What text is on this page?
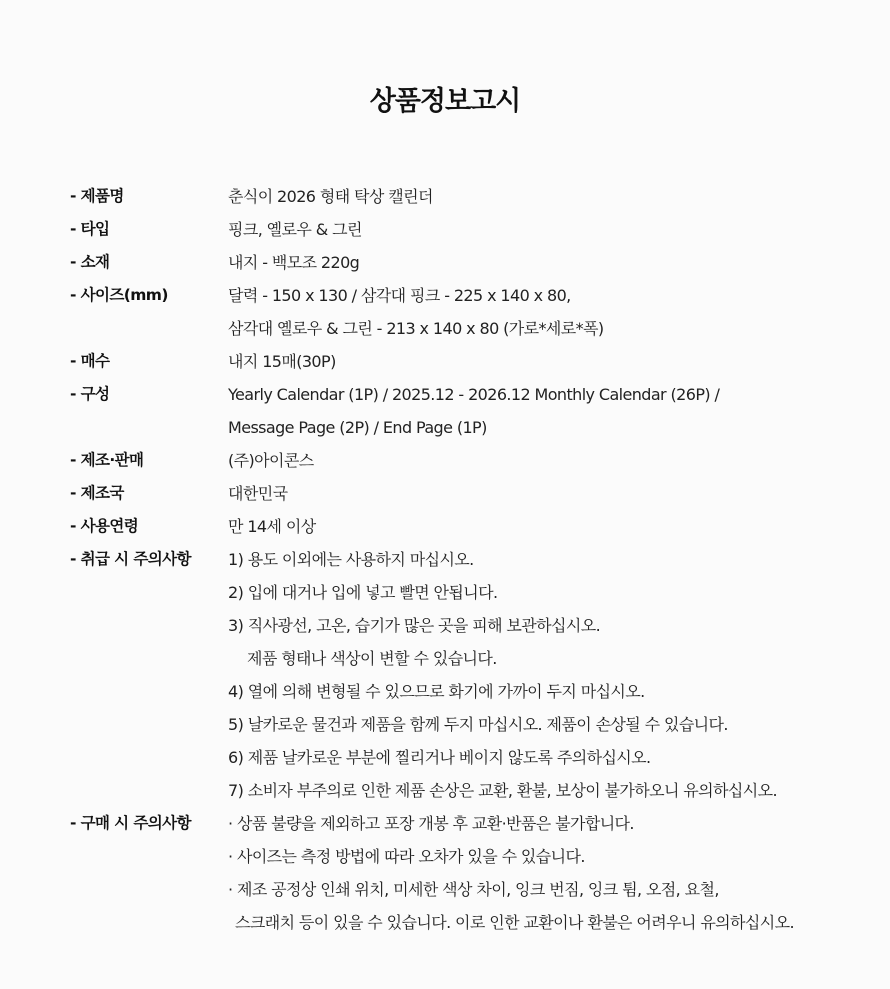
상품정보고시
- 제품명	춘식이 2026 형태 탁상 캘린더
- 타입	핑크, 옐로우 & 그린
- 소재	내지 - 백모조 220g
- 사이즈(mm)	달력 - 150 x 130 / 삼각대 핑크 - 225 x 140 x 80,
삼각대 옐로우 & 그린 - 213 x 140 x 80 (가로*세로*폭)
- 매수	내지 15매(30P)
- 구성	Yearly Calendar (1P) / 2025.12 - 2026.12 Monthly Calendar (26P) /
Message Page (2P) / End Page (1P)
- 제조·판매	(주)아이콘스
- 제조국	대한민국
- 사용연령	만 14세 이상
- 취급 시 주의사항	1) 용도 이외에는 사용하지 마십시오.
2) 입에 대거나 입에 넣고 빨면 안됩니다.
3) 직사광선, 고온, 습기가 많은 곳을 피해 보관하십시오.
제품 형태나 색상이 변할 수 있습니다.
4) 열에 의해 변형될 수 있으므로 화기에 가까이 두지 마십시오.
5) 날카로운 물건과 제품을 함께 두지 마십시오. 제품이 손상될 수 있습니다.
6) 제품 날카로운 부분에 찔리거나 베이지 않도록 주의하십시오.
7) 소비자 부주의로 인한 제품 손상은 교환, 환불, 보상이 불가하오니 유의하십시오.
- 구매 시 주의사항	· 상품 불량을 제외하고 포장 개봉 후 교환·반품은 불가합니다.
· 사이즈는 측정 방법에 따라 오차가 있을 수 있습니다.
· 제조 공정상 인쇄 위치, 미세한 색상 차이, 잉크 번짐, 잉크 튐, 오점, 요철,
스크래치 등이 있을 수 있습니다. 이로 인한 교환이나 환불은 어려우니 유의하십시오.
